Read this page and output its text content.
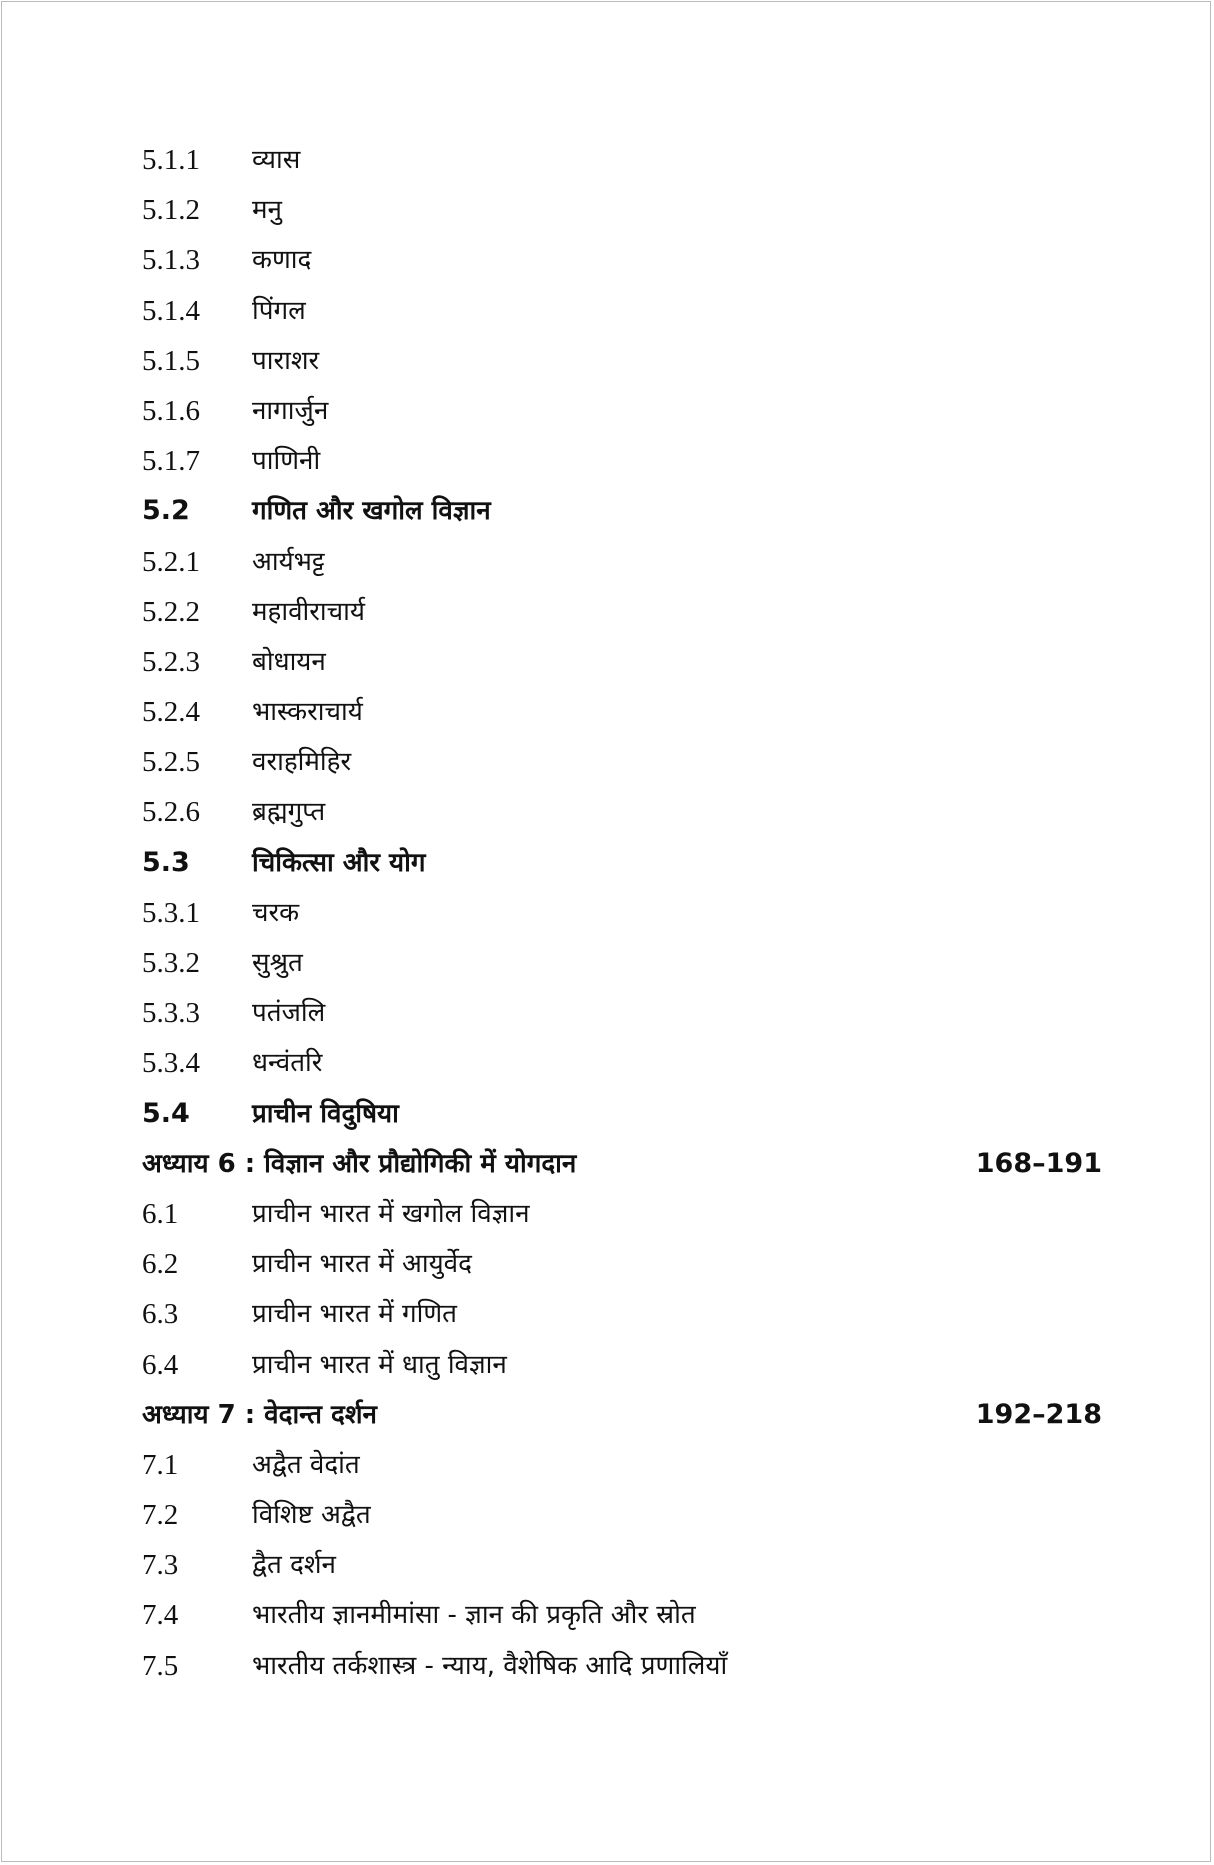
5.1.1 व्यास
5.1.2 मनु
5.1.3 कणाद
5.1.4 पिंगल
5.1.5 पाराशर
5.1.6 नागार्जुन
5.1.7 पाणिनी
5.2 गणित और खगोल विज्ञान
5.2.1 आर्यभट्ट
5.2.2 महावीराचार्य
5.2.3 बोधायन
5.2.4 भास्कराचार्य
5.2.5 वराहमिहिर
5.2.6 ब्रह्मगुप्त
5.3 चिकित्सा और योग
5.3.1 चरक
5.3.2 सुश्रुत
5.3.3 पतंजलि
5.3.4 धन्वंतरि
5.4 प्राचीन विदुषिया
अध्याय 6 : विज्ञान और प्रौद्योगिकी में योगदान	168–191
6.1	प्राचीन भारत में खगोल विज्ञान
6.2	प्राचीन भारत में आयुर्वेद
6.3	प्राचीन भारत में गणित
6.4	प्राचीन भारत में धातु विज्ञान
अध्याय 7 : वेदान्त दर्शन	192–218
7.1	अद्वैत वेदांत
7.2	विशिष्ट अद्वैत
7.3	द्वैत दर्शन
7.4	भारतीय ज्ञानमीमांसा - ज्ञान की प्रकृति और स्रोत
7.5	भारतीय तर्कशास्त्र - न्याय, वैशेषिक आदि प्रणालियाँ
